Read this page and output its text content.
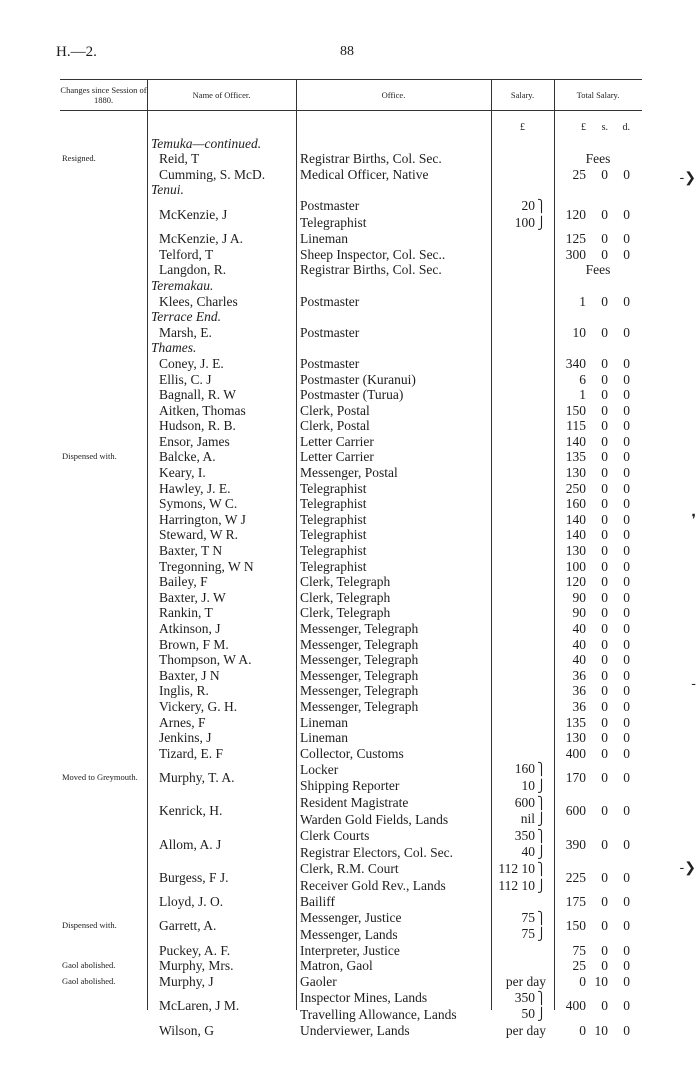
H.—2.	88
Changes since Session of 1880.	Name of Officer.	Office.	Salary.	Total Salary.
			£	£ s. d.

	Temuka—continued.			
Resigned.	Reid, T	Registrar Births, Col. Sec.		Fees

	Cumming, S. McD.	Medical Officer, Native		25 0 0

	Tenui.			
	McKenzie, J	Postmaster	20 ⎫	120 0 0

		Telegraphist	100 ⎭	
	McKenzie, J A.	Lineman		125 0 0

	Telford, T	Sheep Inspector, Col. Sec..		300 0 0

	Langdon, R.	Registrar Births, Col. Sec.		Fees

	Teremakau.			
	Klees, Charles	Postmaster		1 0 0

	Terrace End.			
	Marsh, E.	Postmaster		10 0 0

	Thames.			
	Coney, J. E.	Postmaster		340 0 0

	Ellis, C. J	Postmaster (Kuranui)		6 0 0

	Bagnall, R. W	Postmaster (Turua)		1 0 0

	Aitken, Thomas	Clerk, Postal		150 0 0

	Hudson, R. B.	Clerk, Postal		115 0 0

	Ensor, James	Letter Carrier		140 0 0

Dispensed with.	Balcke, A.	Letter Carrier		135 0 0

	Keary, I.	Messenger, Postal		130 0 0

	Hawley, J. E.	Telegraphist		250 0 0

	Symons, W C.	Telegraphist		160 0 0

	Harrington, W J	Telegraphist		140 0 0

	Steward, W R.	Telegraphist		140 0 0

	Baxter, T N	Telegraphist		130 0 0

	Tregonning, W N	Telegraphist		100 0 0

	Bailey, F	Clerk, Telegraph		120 0 0

	Baxter, J. W	Clerk, Telegraph		90 0 0

	Rankin, T	Clerk, Telegraph		90 0 0

	Atkinson, J	Messenger, Telegraph		40 0 0

	Brown, F M.	Messenger, Telegraph		40 0 0

	Thompson, W A.	Messenger, Telegraph		40 0 0

	Baxter, J N	Messenger, Telegraph		36 0 0

	Inglis, R.	Messenger, Telegraph		36 0 0

	Vickery, G. H.	Messenger, Telegraph		36 0 0

	Arnes, F	Lineman		135 0 0

	Jenkins, J	Lineman		130 0 0

	Tizard, E. F	Collector, Customs		400 0 0

Moved to Greymouth.	Murphy, T. A.	Locker	160 ⎫	170 0 0

		Shipping Reporter	10 ⎭	
	Kenrick, H.	Resident Magistrate	600 ⎫	600 0 0

		Warden Gold Fields, Lands	nil ⎭	
	Allom, A. J	Clerk Courts	350 ⎫	390 0 0

		Registrar Electors, Col. Sec.	40 ⎭	
	Burgess, F J.	Clerk, R.M. Court	112 10 ⎫	225 0 0

		Receiver Gold Rev., Lands	112 10 ⎭	
	Lloyd, J. O.	Bailiff		175 0 0

Dispensed with.	Garrett, A.	Messenger, Justice	75 ⎫	150 0 0

		Messenger, Lands	75 ⎭	
	Puckey, A. F.	Interpreter, Justice		75 0 0

Gaol abolished.	Murphy, Mrs.	Matron, Gaol		25 0 0

Gaol abolished.	Murphy, J	Gaoler	per day	0 10 0

	McLaren, J M.	Inspector Mines, Lands	350 ⎫	400 0 0

		Travelling Allowance, Lands	50 ⎭	
	Wilson, G	Underviewer, Lands	per day	0 10 0
-❯
❜
-
-❯
